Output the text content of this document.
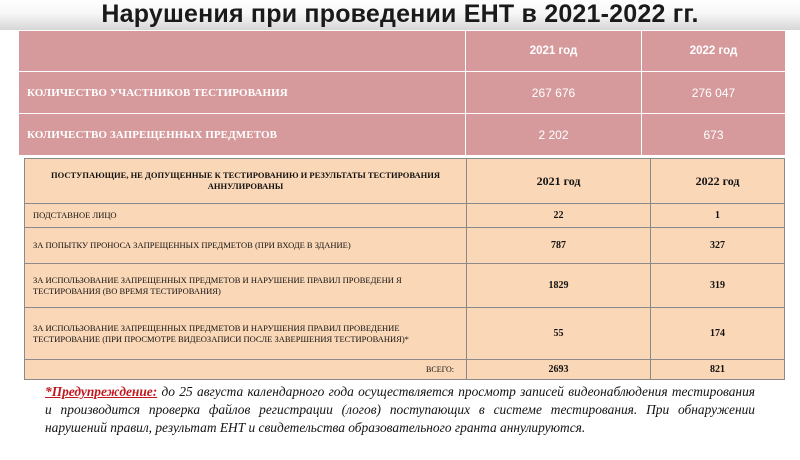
Нарушения при проведении ЕНТ в 2021-2022 гг.
	2021 год	2022 год
КОЛИЧЕСТВО УЧАСТНИКОВ ТЕСТИРОВАНИЯ	267 676	276 047
КОЛИЧЕСТВО ЗАПРЕЩЕННЫХ ПРЕДМЕТОВ	2 202	673
ПОСТУПАЮЩИЕ, НЕ ДОПУЩЕННЫЕ К ТЕСТИРОВАНИЮ И РЕЗУЛЬТАТЫ ТЕСТИРОВАНИЯ АННУЛИРОВАНЫ	2021 год	2022 год
ПОДСТАВНОЕ ЛИЦО	22	1
ЗА ПОПЫТКУ ПРОНОСА ЗАПРЕЩЕННЫХ ПРЕДМЕТОВ (ПРИ ВХОДЕ В ЗДАНИЕ)	787	327
ЗА ИСПОЛЬЗОВАНИЕ ЗАПРЕЩЕННЫХ ПРЕДМЕТОВ И НАРУШЕНИЕ ПРАВИЛ ПРОВЕДЕНИ Я ТЕСТИРОВАНИЯ (ВО ВРЕМЯ ТЕСТИРОВАНИЯ)	1829	319
ЗА ИСПОЛЬЗОВАНИЕ ЗАПРЕЩЕННЫХ ПРЕДМЕТОВ И НАРУШЕНИЯ ПРАВИЛ ПРОВЕДЕНИЕ ТЕСТИРОВАНИЕ (ПРИ ПРОСМОТРЕ ВИДЕОЗАПИСИ ПОСЛЕ ЗАВЕРШЕНИЯ ТЕСТИРОВАНИЯ)*	55	174
ВСЕГО:	2693	821
*Предупреждение: до 25 августа календарного года осуществляется просмотр записей видеонаблюдения тестирования и производится проверка файлов регистрации (логов) поступающих в системе тестирования. При обнаружении нарушений правил, результат ЕНТ и свидетельства образовательного гранта аннулируются.
